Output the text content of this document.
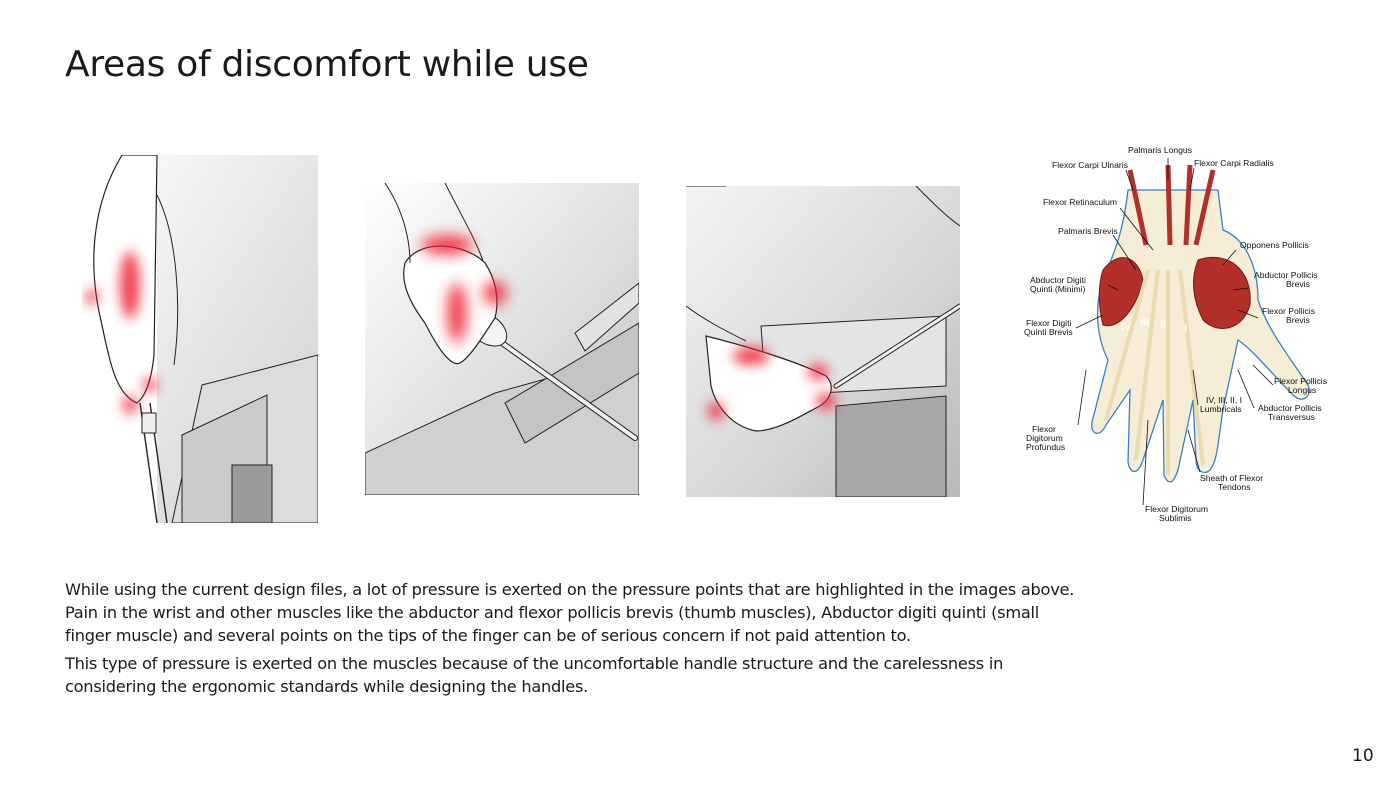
Areas of discomfort while use
Palmaris Longus
Flexor Carpi Ulnaris	Flexor Carpi Radialis
Flexor Retinaculum
Palmaris Brevis
Opponens Pollicis
Abductor Digiti
Quinti (Minimi)
Abductor Pollicis
Brevis
Flexor Pollicis
Brevis
Flexor Digiti
Quinti Brevis
Flexor Pollicis
Longus
IV, III, II, I
Lumbricals Abductor Pollicis
Transversus
Flexor
Digitorum
Profundus
Sheath of Flexor
Tendons
Flexor Digitorum
Sublimis
IV III II I

While using the current design files, a lot of pressure is exerted on the pressure points that are highlighted in the images above. Pain in the wrist and other muscles like the abductor and flexor pollicis brevis (thumb muscles), Abductor digiti quinti (small finger muscle) and several points on the tips of the finger can be of serious concern if not paid attention to.

This type of pressure is exerted on the muscles because of the uncomfortable handle structure and the carelessness in considering the ergonomic standards while designing the handles.

10
